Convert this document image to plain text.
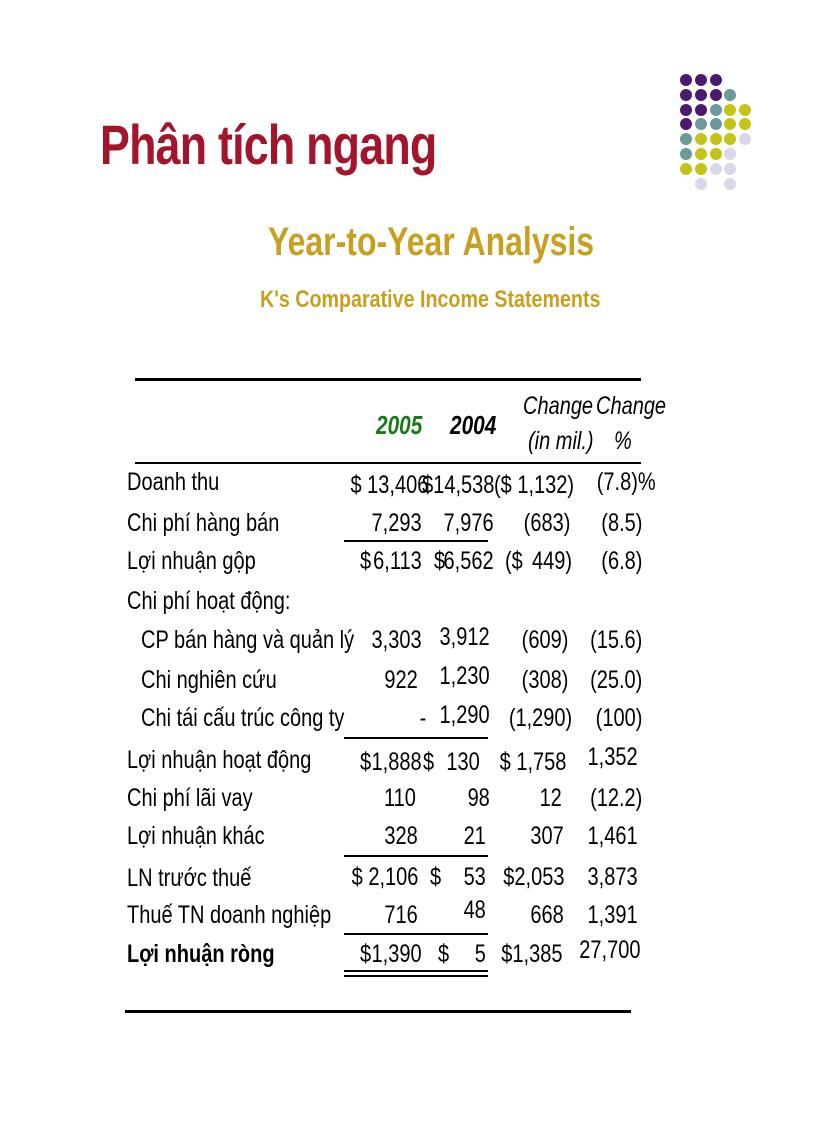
Phân tích ngang
Year-to-Year Analysis
K's Comparative Income Statements
2005 2004
Change
(in mil.)
Change
%
Doanh thu
Chi phí hàng bán
Lợi nhuận gộp
Chi phí hoạt động:
CP bán hàng và quản lý
Chi nghiên cứu
Chi tái cấu trúc công ty
Lợi nhuận hoạt động
Chi phí lãi vay
Lợi nhuận khác
LN trước thuế
Thuế TN doanh nghiệp
Lợi nhuận ròng
$ 13,406
$14,538 ($ 1,132) (7.8)%
7,293 7,976 (683) (8.5)
$ 6,113 $
6,562 ($ 449) (6.8)
3,303 3,912 (609) (15.6)
922 1,230 (308) (25.0)
- 1,290 (1,290) (100)
$ 1,888 $ 130 $ 1,758 1,352
110 98 12 (12.2)
328 21 307 1,461
$ 2,106 $ 53 $2,053 3,873
716 48 668 1,391
$ 1,390 $ 5 $1,385 27,700
